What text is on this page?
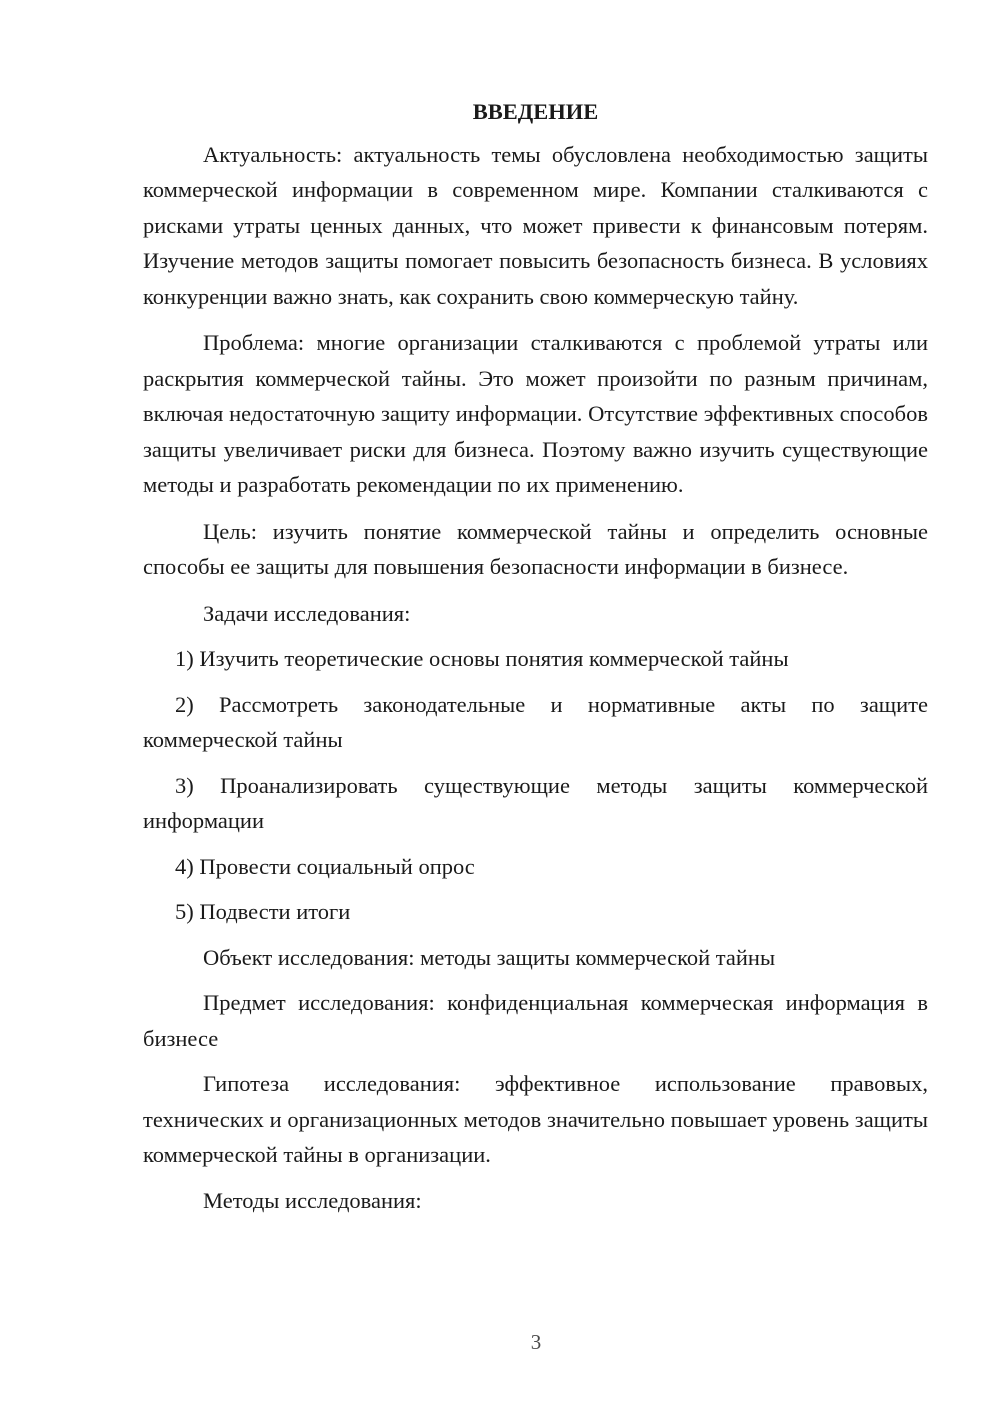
ВВЕДЕНИЕ

Актуальность: актуальность темы обусловлена необходимостью защиты коммерческой информации в современном мире. Компании сталкиваются с рисками утраты ценных данных, что может привести к финансовым потерям. Изучение методов защиты помогает повысить безопасность бизнеса. В условиях конкуренции важно знать, как сохранить свою коммерческую тайну.

Проблема: многие организации сталкиваются с проблемой утраты или раскрытия коммерческой тайны. Это может произойти по разным причинам, включая недостаточную защиту информации. Отсутствие эффективных способов защиты увеличивает риски для бизнеса. Поэтому важно изучить существующие методы и разработать рекомендации по их применению.

Цель: изучить понятие коммерческой тайны и определить основные способы ее защиты для повышения безопасности информации в бизнесе.

Задачи исследования:

1) Изучить теоретические основы понятия коммерческой тайны

2) Рассмотреть законодательные и нормативные акты по защите коммерческой тайны

3) Проанализировать существующие методы защиты коммерческой информации

4) Провести социальный опрос

5) Подвести итоги

Объект исследования: методы защиты коммерческой тайны

Предмет исследования: конфиденциальная коммерческая информация в бизнесе

Гипотеза исследования: эффективное использование правовых, технических и организационных методов значительно повышает уровень защиты коммерческой тайны в организации.

Методы исследования:

3
